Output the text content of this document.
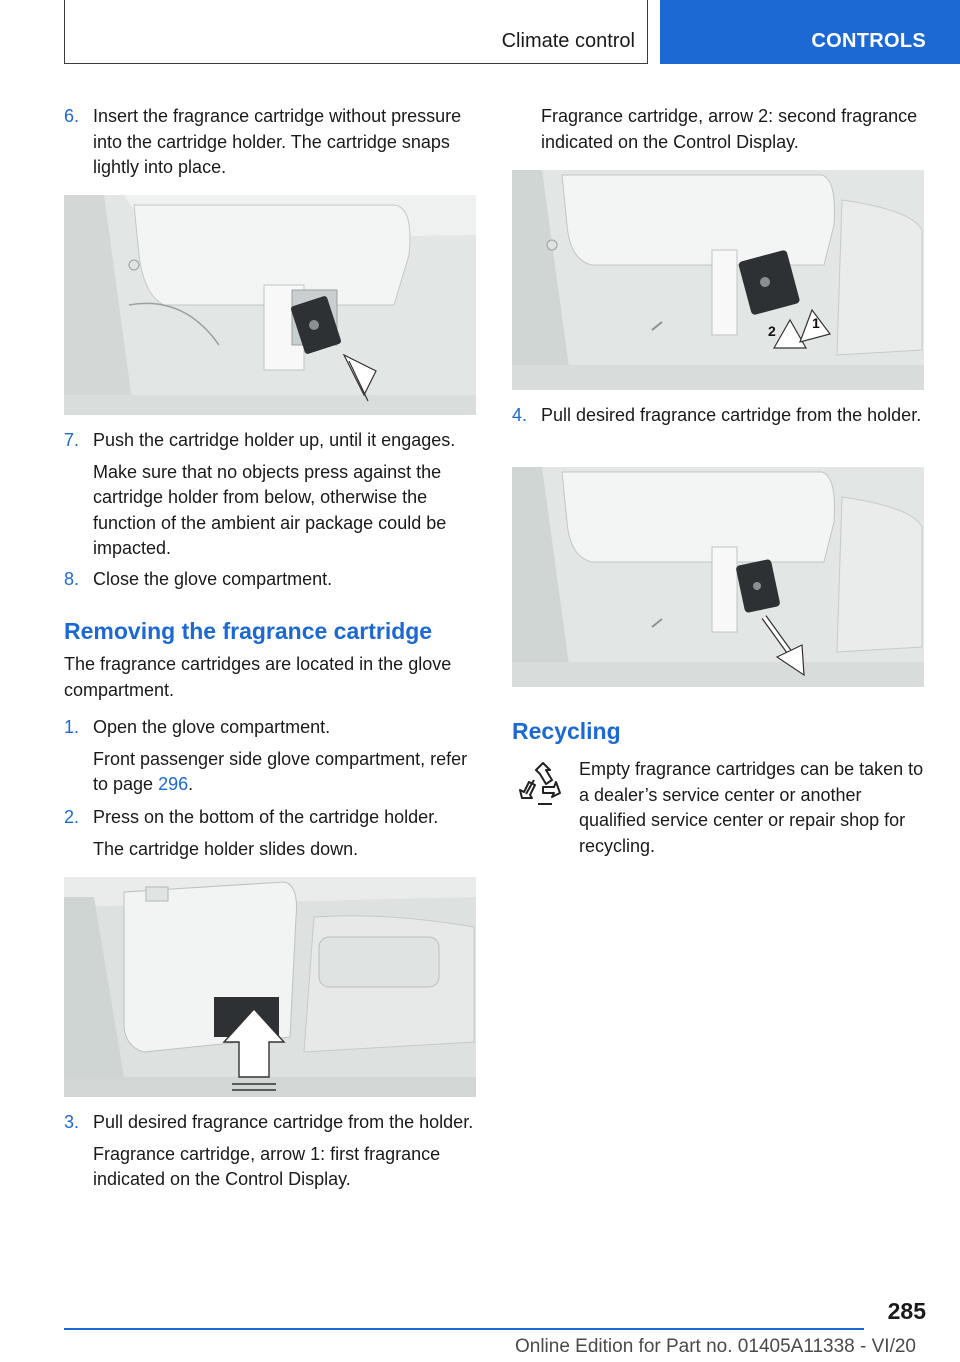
Climate control	CONTROLS
6. Insert the fragrance cartridge without pressure into the cartridge holder. The cartridge snaps lightly into place.

7. Push the cartridge holder up, until it engages.

Make sure that no objects press against the cartridge holder from below, otherwise the function of the ambient air package could be impacted.

8. Close the glove compartment.

Removing the fragrance cartridge

The fragrance cartridges are located in the glove compartment.

1. Open the glove compartment.

Front passenger side glove compartment, refer to page 296.

2. Press on the bottom of the cartridge holder.

The cartridge holder slides down.

3. Pull desired fragrance cartridge from the holder.

Fragrance cartridge, arrow 1: first fragrance indicated on the Control Display.

Fragrance cartridge, arrow 2: second fragrance indicated on the Control Display.

2	1
4. Pull desired fragrance cartridge from the holder.

Recycling

Empty fragrance cartridges can be taken to a dealer’s service center or another qualified service center or repair shop for recycling.

285
Online Edition for Part no. 01405A11338 - VI/20
